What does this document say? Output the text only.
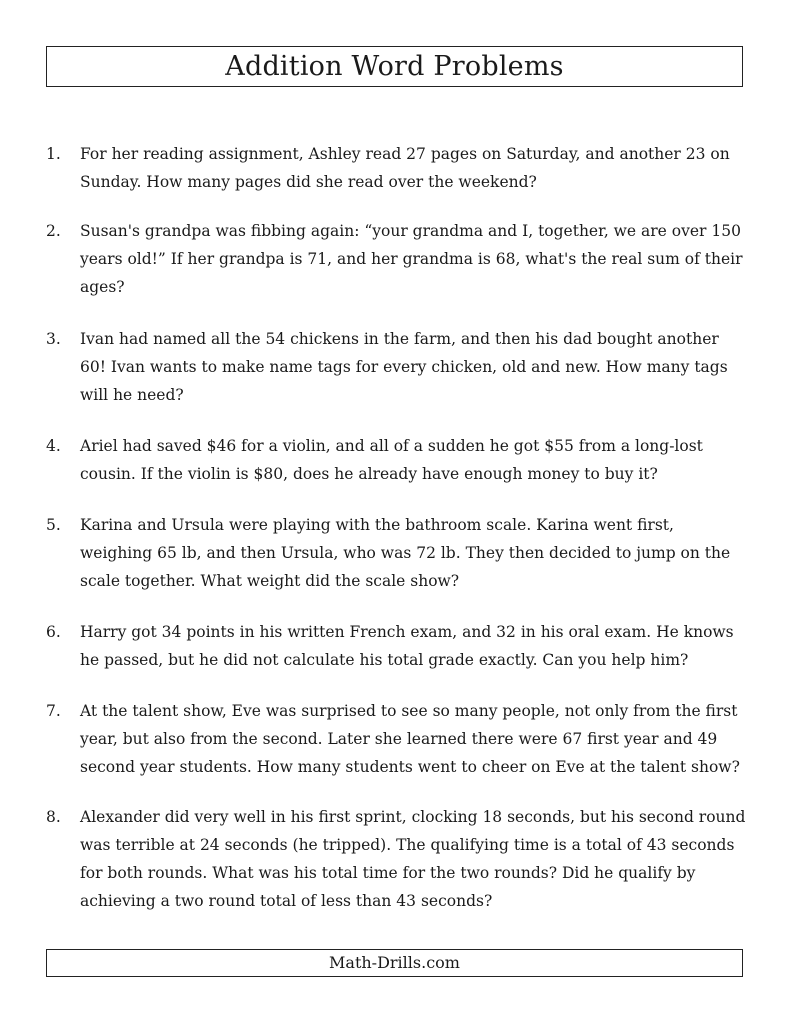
Addition Word Problems
1.	For her reading assignment, Ashley read 27 pages on Saturday, and another 23 on Sunday. How many pages did she read over the weekend?
2.	Susan's grandpa was fibbing again: “your grandma and I, together, we are over 150 years old!” If her grandpa is 71, and her grandma is 68, what's the real sum of their ages?
3.	Ivan had named all the 54 chickens in the farm, and then his dad bought another 60! Ivan wants to make name tags for every chicken, old and new. How many tags will he need?
4.	Ariel had saved $46 for a violin, and all of a sudden he got $55 from a long-lost cousin. If the violin is $80, does he already have enough money to buy it?
5.	Karina and Ursula were playing with the bathroom scale. Karina went first, weighing 65 lb, and then Ursula, who was 72 lb. They then decided to jump on the scale together. What weight did the scale show?
6.	Harry got 34 points in his written French exam, and 32 in his oral exam. He knows he passed, but he did not calculate his total grade exactly. Can you help him?
7.	At the talent show, Eve was surprised to see so many people, not only from the first year, but also from the second. Later she learned there were 67 first year and 49 second year students. How many students went to cheer on Eve at the talent show?
8.	Alexander did very well in his first sprint, clocking 18 seconds, but his second round was terrible at 24 seconds (he tripped). The qualifying time is a total of 43 seconds for both rounds. What was his total time for the two rounds? Did he qualify by achieving a two round total of less than 43 seconds?
Math-Drills.com
